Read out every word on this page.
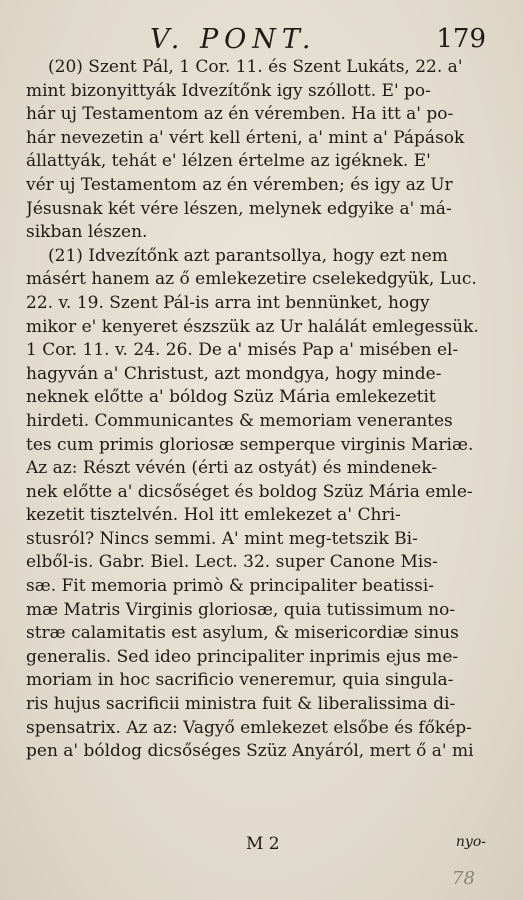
V. PONT.	179
(20) Szent Pál, 1 Cor. 11. és Szent Lukáts, 22. a'
mint bizonyittyák Idvezítőnk igy szóllott. E' po-
hár uj Testamentom az én véremben. Ha itt a' po-
hár nevezetin a' vért kell érteni, a' mint a' Pápások
állattyák, tehát e' lélzen értelme az igéknek. E'
vér uj Testamentom az én véremben; és igy az Ur
Jésusnak két vére lészen, melynek edgyike a' má-
sikban lészen.
(21) Idvezítőnk azt parantsollya, hogy ezt nem
másért hanem az ő emlekezetire cselekedgyük, Luc.
22. v. 19. Szent Pál-is arra int bennünket, hogy
mikor e' kenyeret észszük az Ur halálát emlegessük.
1 Cor. 11. v. 24. 26. De a' misés Pap a' misében el-
hagyván a' Christust, azt mondgya, hogy minde-
neknek előtte a' bóldog Szüz Mária emlekezetit
hirdeti. Communicantes & memoriam venerantes
tes cum primis gloriosæ semperque virginis Mariæ.
Az az: Részt vévén (érti az ostyát) és mindenek-
nek előtte a' dicsőséget és boldog Szüz Mária emle-
kezetit tisztelvén. Hol itt emlekezet a' Chri-
stusról? Nincs semmi. A' mint meg-tetszik Bi-
elből-is. Gabr. Biel. Lect. 32. super Canone Mis-
sæ. Fit memoria primò & principaliter beatissi-
mæ Matris Virginis gloriosæ, quia tutissimum no-
stræ calamitatis est asylum, & misericordiæ sinus
generalis. Sed ideo principaliter inprimis ejus me-
moriam in hoc sacrificio veneremur, quia singula-
ris hujus sacrificii ministra fuit & liberalissima di-
spensatrix. Az az: Vagyő emlekezet elsőbe és főkép-
pen a' bóldog dicsőséges Szüz Anyáról, mert ő a' mi
M 2	nyo-
78
